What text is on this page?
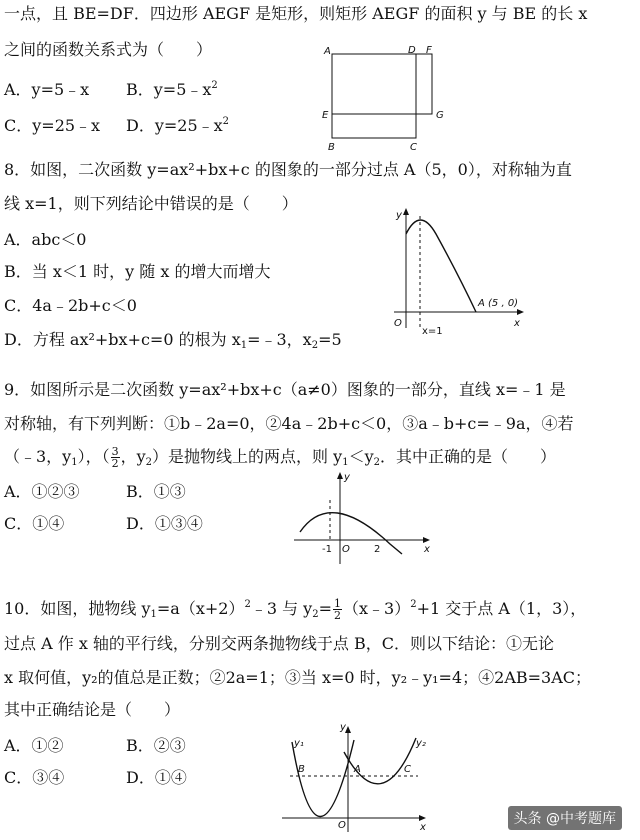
一点，且 BE=DF．四边形 AEGF 是矩形，则矩形 AEGF 的面积 y 与 BE 的长 x
之间的函数关系式为（　　）
A．y=5﹣x B．$y=5﹣x^2$
C．y=25﹣x D．$y=25﹣x^2$
A	D F
E	G
B	C
8．如图，二次函数 y=ax²+bx+c 的图象的一部分过点 A（5，0），对称轴为直
线 x=1，则下列结论中错误的是（　　）
A．abc＜0
B．当 x＜1 时，y 随 x 的增大而增大
C．4a﹣2b+c＜0
D．方程 ax²+bx+c=0 的根为 $x_1=﹣3$，$x_2=5$
y
x
O
x=1
A (5 , 0)
9．如图所示是二次函数 y=ax²+bx+c（a≠0）图象的一部分，直线 x=﹣1 是
对称轴，有下列判断：①b﹣2a=0，②4a﹣2b+c＜0，③a﹣b+c=﹣9a，④若
（﹣3，$y_1$），（ $\frac{3}{2}$ ，$y_2$）是抛物线上的两点，则 $y_1<y_2$．其中正确的是（　　）
A．①②③	B．①③
C．①④	D．①③④
y
x
O
-1	2
10．如图，抛物线 $y_1=a(x+2)^2﹣3$ 与 $y_2= \frac{1}{2}$ （x﹣3）$^2$+1 交于点 A（1，3），
过点 A 作 x 轴的平行线，分别交两条抛物线于点 B，C．则以下结论：①无论
x 取何值，y₂的值总是正数；②2a=1；③当 x=0 时，y₂﹣y₁=4；④2AB=3AC；
其中正确结论是（　　）
A．①②	B．②③
C．③④	D．①④
y
x
O
y₁	y₂
A
B	C
头条 @中考题库
